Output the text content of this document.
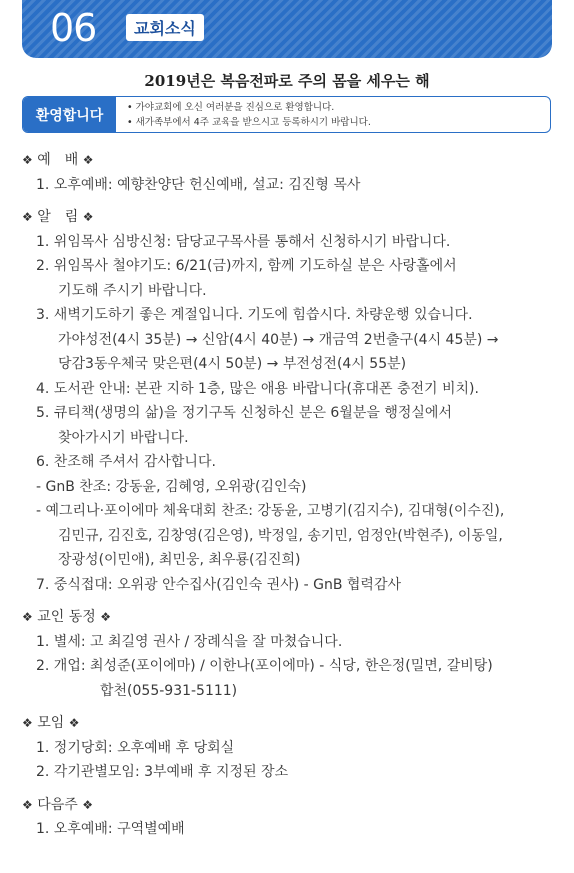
06	교회소식
2019년은 복음전파로 주의 몸을 세우는 해
환영합니다
•	가야교회에 오신 여러분을 진심으로 환영합니다.
• 새가족부에서 4주 교육을 받으시고 등록하시기 바랍니다.

❖ 예　배 ❖

1. 오후예배: 예향찬양단 헌신예배, 설교: 김진형 목사

❖ 알　림 ❖

1. 위임목사 심방신청: 담당교구목사를 통해서 신청하시기 바랍니다.

2. 위임목사 철야기도: 6/21(금)까지, 함께 기도하실 분은 사랑홀에서

기도해 주시기 바랍니다.

3. 새벽기도하기 좋은 계절입니다. 기도에 힘씁시다. 차량운행 있습니다.

가야성전(4시 35분) → 신암(4시 40분) → 개금역 2번출구(4시 45분) →

당감3동우체국 맞은편(4시 50분) → 부전성전(4시 55분)

4. 도서관 안내: 본관 지하 1층, 많은 애용 바랍니다(휴대폰 충전기 비치).

5. 큐티책(생명의 삶)을 정기구독 신청하신 분은 6월분을 행정실에서

찾아가시기 바랍니다.

6. 찬조해 주셔서 감사합니다.

- GnB 찬조: 강동윤, 김혜영, 오위광(김인숙)

- 예그리나·포이에마 체육대회 찬조: 강동윤, 고병기(김지수), 김대형(이수진),

김민규, 김진호, 김창영(김은영), 박정일, 송기민, 엄정안(박현주), 이동일,

장광성(이민애), 최민웅, 최우룡(김진희)

7. 중식접대: 오위광 안수집사(김인숙 권사) - GnB 협력감사

❖ 교인 동정 ❖

1. 별세: 고 최길영 권사 / 장례식을 잘 마쳤습니다.

2. 개업: 최성준(포이에마) / 이한나(포이에마) - 식당, 한은정(밀면, 갈비탕)

합천(055-931-5111)

❖ 모임 ❖

1. 정기당회: 오후예배 후 당회실

2. 각기관별모임: 3부예배 후 지정된 장소

❖ 다음주 ❖

1. 오후예배: 구역별예배
